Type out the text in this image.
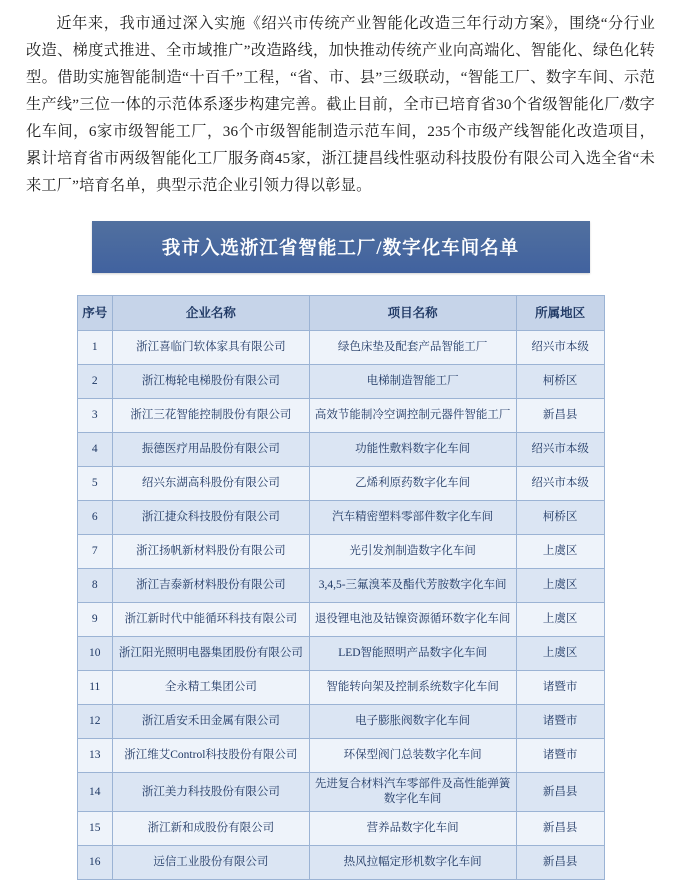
近年来，我市通过深入实施《绍兴市传统产业智能化改造三年行动方案》，围绕“分行业改造、梯度式推进、全市域推广”改造路线，加快推动传统产业向高端化、智能化、绿色化转型。借助实施智能制造“十百千”工程，“省、市、县”三级联动，“智能工厂、数字车间、示范生产线”三位一体的示范体系逐步构建完善。截止目前，全市已培育省30个省级智能化厂/数字化车间，6家市级智能工厂，36个市级智能制造示范车间，235个市级产线智能化改造项目，累计培育省市两级智能化工厂服务商45家，浙江捷昌线性驱动科技股份有限公司入选全省“未来工厂”培育名单，典型示范企业引领力得以彰显。

我市入选浙江省智能工厂/数字化车间名单
序号	企业名称	项目名称	所属地区
1	浙江喜临门软体家具有限公司	绿色床垫及配套产品智能工厂	绍兴市本级
2	浙江梅轮电梯股份有限公司	电梯制造智能工厂	柯桥区
3	浙江三花智能控制股份有限公司	高效节能制冷空调控制元器件智能工厂	新昌县
4	振德医疗用品股份有限公司	功能性敷料数字化车间	绍兴市本级
5	绍兴东湖高科股份有限公司	乙烯利原药数字化车间	绍兴市本级
6	浙江捷众科技股份有限公司	汽车精密塑料零部件数字化车间	柯桥区
7	浙江扬帆新材料股份有限公司	光引发剂制造数字化车间	上虞区
8	浙江吉泰新材料股份有限公司	3,4,5-三氟溴苯及酯代芳胺数字化车间	上虞区
9	浙江新时代中能循环科技有限公司	退役锂电池及钴镍资源循环数字化车间	上虞区
10	浙江阳光照明电器集团股份有限公司	LED智能照明产品数字化车间	上虞区
11	全永精工集团公司	智能转向架及控制系统数字化车间	诸暨市
12	浙江盾安禾田金属有限公司	电子膨胀阀数字化车间	诸暨市
13	浙江维艾Control科技股份有限公司	环保型阀门总装数字化车间	诸暨市
14	浙江美力科技股份有限公司	先进复合材料汽车零部件及高性能弹簧数字化车间	新昌县
15	浙江新和成股份有限公司	营养品数字化车间	新昌县
16	远信工业股份有限公司	热风拉幅定形机数字化车间	新昌县
